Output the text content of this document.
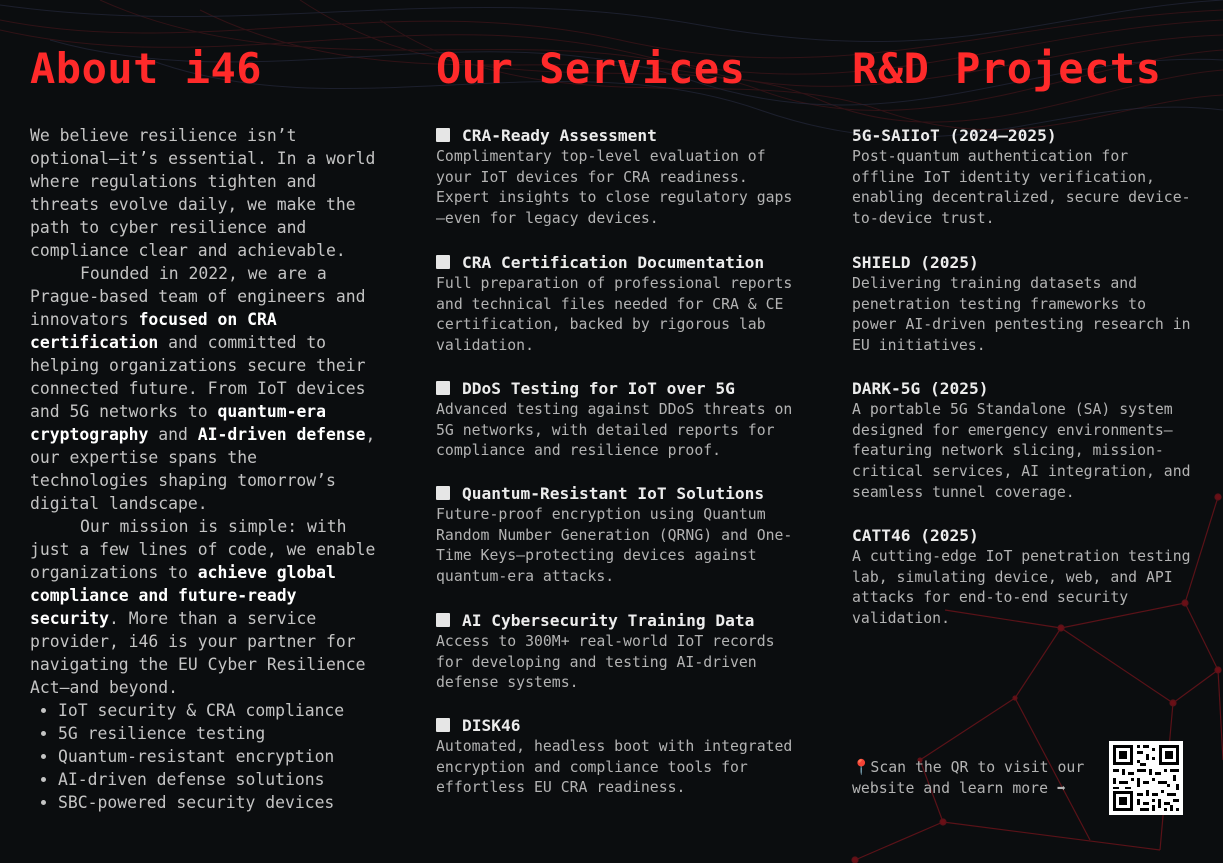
About i46

We believe resilience isn’t optional—it’s essential. In a world where regulations tighten and threats evolve daily, we make the path to cyber resilience and compliance clear and achievable.

Founded in 2022, we are a Prague-based team of engineers and innovators focused on CRA certification and committed to helping organizations secure their connected future. From IoT devices and 5G networks to quantum-era cryptography and AI-driven defense, our expertise spans the technologies shaping tomorrow’s digital landscape.

Our mission is simple: with just a few lines of code, we enable organizations to achieve global compliance and future-ready security. More than a service provider, i46 is your partner for navigating the EU Cyber Resilience Act—and beyond.

• IoT security & CRA compliance
• 5G resilience testing
• Quantum-resistant encryption
• AI-driven defense solutions
• SBC-powered security devices
Our Services
CRA-Ready Assessment
Complimentary top-level evaluation of your IoT devices for CRA readiness. Expert insights to close regulatory gaps—even for legacy devices.
CRA Certification Documentation
Full preparation of professional reports and technical files needed for CRA & CE certification, backed by rigorous lab validation.
DDoS Testing for IoT over 5G
Advanced testing against DDoS threats on 5G networks, with detailed reports for compliance and resilience proof.
Quantum-Resistant IoT Solutions
Future-proof encryption using Quantum Random Number Generation (QRNG) and One-Time Keys—protecting devices against quantum-era attacks.
AI Cybersecurity Training Data
Access to 300M+ real-world IoT records for developing and testing AI-driven defense systems.
DISK46
Automated, headless boot with integrated encryption and compliance tools for effortless EU CRA readiness.
R&D Projects
5G-SAIIoT (2024–2025)
Post-quantum authentication for offline IoT identity verification, enabling decentralized, secure device-to-device trust.
SHIELD (2025)
Delivering training datasets and penetration testing frameworks to power AI-driven pentesting research in EU initiatives.
DARK-5G (2025)
A portable 5G Standalone (SA) system designed for emergency environments—featuring network slicing, mission-critical services, AI integration, and seamless tunnel coverage.
CATT46 (2025)
A cutting-edge IoT penetration testing lab, simulating device, web, and API attacks for end-to-end security validation.
📍Scan the QR to visit our website and learn more ➡
